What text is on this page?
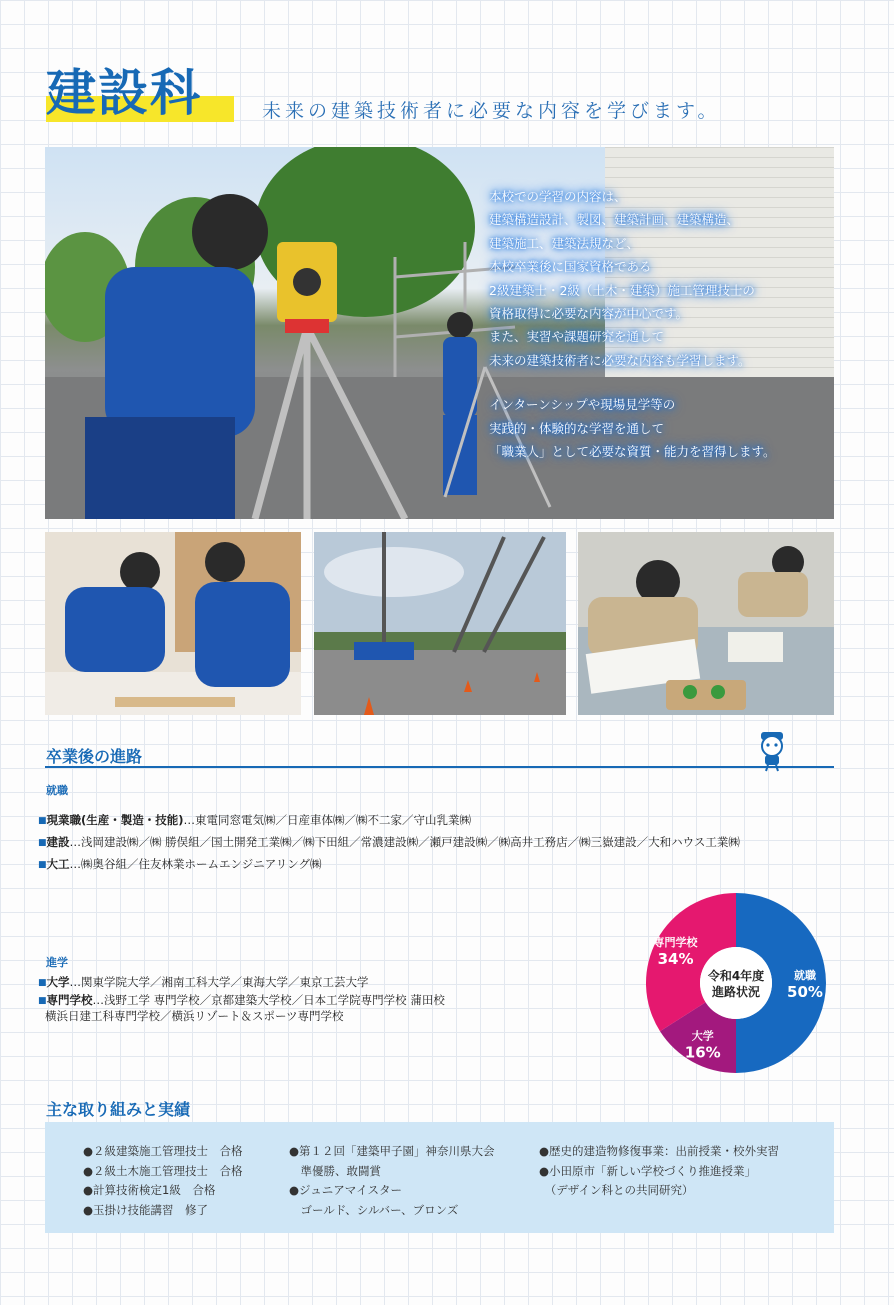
建設科	未来の建築技術者に必要な内容を学びます。
本校での学習の内容は、
建築構造設計、製図、建築計画、建築構造、
建築施工、建築法規など、
本校卒業後に国家資格である
2級建築士・2級（土木・建築）施工管理技士の
資格取得に必要な内容が中心です。
また、実習や課題研究を通して
未来の建築技術者に必要な内容も学習します。
インターンシップや現場見学等の
実践的・体験的な学習を通して
「職業人」として必要な資質・能力を習得します。
卒業後の進路
就職
■現業職(生産・製造・技能)…東電同窓電気㈱／日産車体㈱／㈱不二家／守山乳業㈱
■建設…浅岡建設㈱／㈱ 勝俣組／国土開発工業㈱／㈱下田組／常濃建設㈱／瀬戸建設㈱／㈱高井工務店／㈱三嶽建設／大和ハウス工業㈱
■大工…㈱奥谷組／住友林業ホームエンジニアリング㈱
進学
■大学…関東学院大学／湘南工科大学／東海大学／東京工芸大学
■専門学校…浅野工学 専門学校／京都建築大学校／日本工学院専門学校 蒲田校
横浜日建工科専門学校／横浜リゾート＆スポーツ専門学校
就職
50%
大学
16%
専門学校
34%
令和4年度
進路状況
主な取り組みと実績
●２級建築施工管理技士　合格
●２級土木施工管理技士　合格
●計算技術検定1級　合格
●玉掛け技能講習　修了
●第１２回「建築甲子園」神奈川県大会
　準優勝、敢闘賞
●ジュニアマイスター
　ゴールド、シルバー、ブロンズ
●歴史的建造物修復事業：出前授業・校外実習
●小田原市「新しい学校づくり推進授業」
　（デザイン科との共同研究）
